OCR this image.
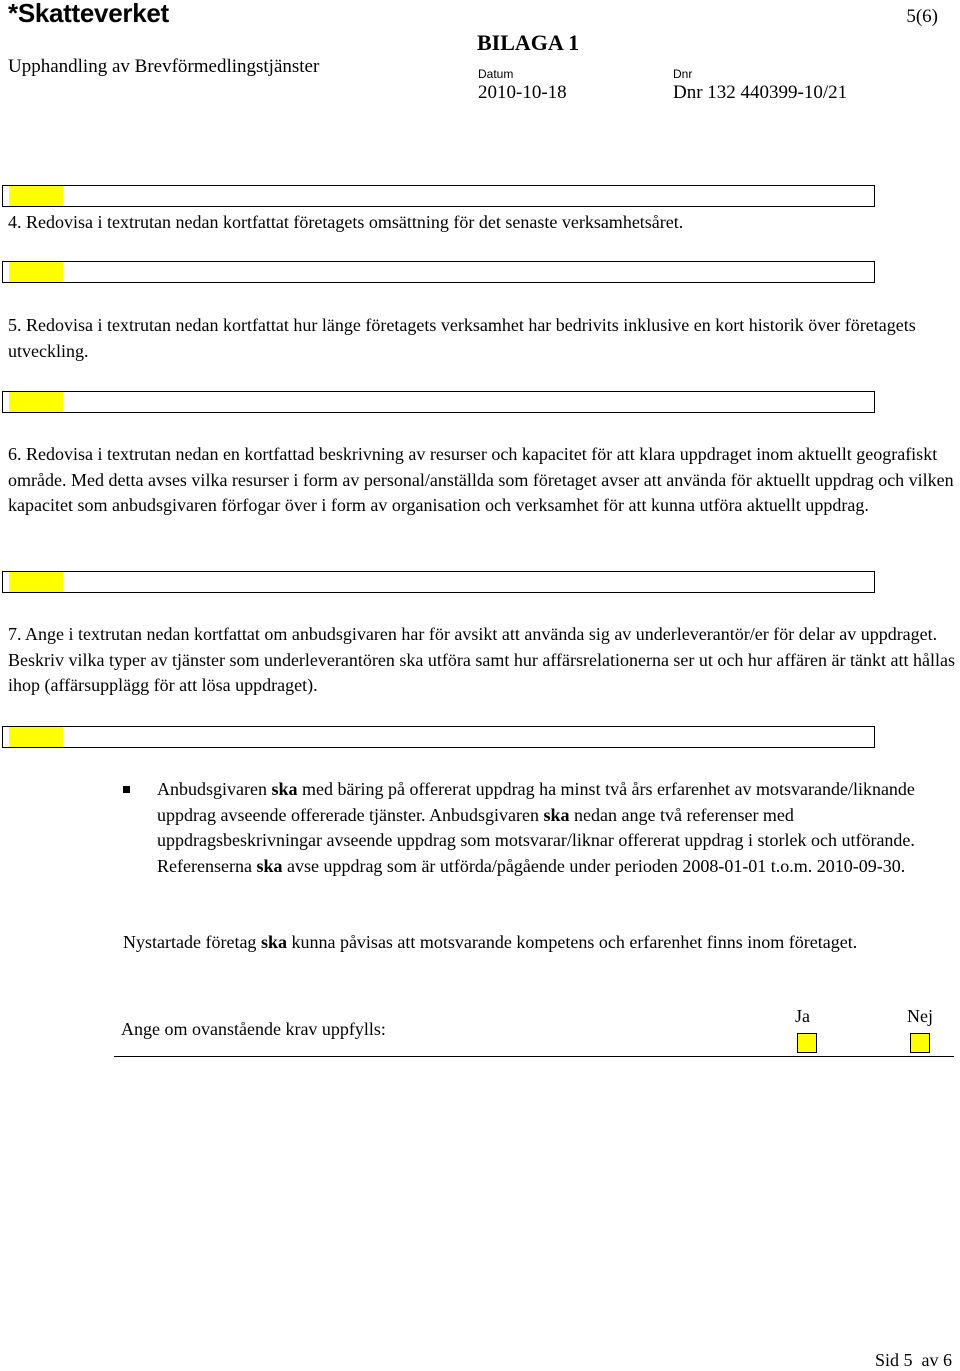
*Skatteverket	5(6)
Upphandling av Brevförmedlingstjänster
BILAGA 1
Datum	Dnr
2010-10-18	Dnr 132 440399-10/21

4. Redovisa i textrutan nedan kortfattat företagets omsättning för det senaste verksamhetsåret.

5. Redovisa i textrutan nedan kortfattat hur länge företagets verksamhet har bedrivits inklusive en kort historik över företagets utveckling.

6. Redovisa i textrutan nedan en kortfattad beskrivning av resurser och kapacitet för att klara uppdraget inom aktuellt geografiskt område. Med detta avses vilka resurser i form av personal/anställda som företaget avser att använda för aktuellt uppdrag och vilken kapacitet som anbudsgivaren förfogar över i form av organisation och verksamhet för att kunna utföra aktuellt uppdrag.

7. Ange i textrutan nedan kortfattat om anbudsgivaren har för avsikt att använda sig av underleverantör/er för delar av uppdraget. Beskriv vilka typer av tjänster som underleverantören ska utföra samt hur affärsrelationerna ser ut och hur affären är tänkt att hållas ihop (affärsupplägg för att lösa uppdraget).

Anbudsgivaren ska med bäring på offererat uppdrag ha minst två års erfarenhet av motsvarande/liknande uppdrag avseende offererade tjänster. Anbudsgivaren ska nedan ange två referenser med uppdragsbeskrivningar avseende uppdrag som motsvarar/liknar offererat uppdrag i storlek och utförande. Referenserna ska avse uppdrag som är utförda/pågående under perioden 2008-01-01 t.o.m. 2010-09-30.

Nystartade företag ska kunna påvisas att motsvarande kompetens och erfarenhet finns inom företaget.

Ange om ovanstående krav uppfylls:
Ja	Nej
Sid 5  av 6
